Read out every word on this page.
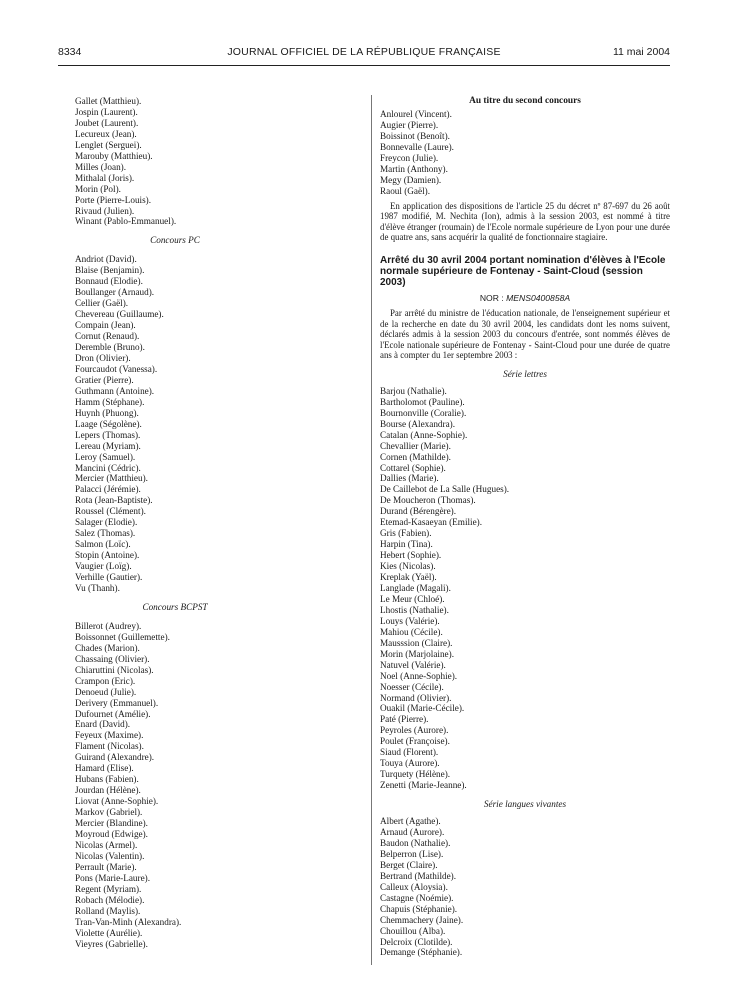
8334	JOURNAL OFFICIEL DE LA RÉPUBLIQUE FRANÇAISE	11 mai 2004
Gallet (Matthieu).
Jospin (Laurent).
Joubet (Laurent).
Lecureux (Jean).
Lenglet (Serguei).
Marouby (Matthieu).
Milles (Joan).
Mithalal (Joris).
Morin (Pol).
Porte (Pierre-Louis).
Rivaud (Julien).
Winant (Pablo-Emmanuel).
Concours PC
Andriot (David).
Blaise (Benjamin).
Bonnaud (Elodie).
Boullanger (Arnaud).
Cellier (Gaël).
Chevereau (Guillaume).
Compain (Jean).
Cornut (Renaud).
Deremble (Bruno).
Dron (Olivier).
Fourcaudot (Vanessa).
Gratier (Pierre).
Guthmann (Antoine).
Hamm (Stéphane).
Huynh (Phuong).
Laage (Ségolène).
Lepers (Thomas).
Lereau (Myriam).
Leroy (Samuel).
Mancini (Cédric).
Mercier (Matthieu).
Palacci (Jérémie).
Rota (Jean-Baptiste).
Roussel (Clément).
Salager (Elodie).
Salez (Thomas).
Salmon (Loïc).
Stopin (Antoine).
Vaugier (Loïg).
Verhille (Gautier).
Vu (Thanh).
Concours BCPST
Billerot (Audrey).
Boissonnet (Guillemette).
Chades (Marion).
Chassaing (Olivier).
Chiaruttini (Nicolas).
Crampon (Eric).
Denoeud (Julie).
Derivery (Emmanuel).
Dufournet (Amélie).
Enard (David).
Feyeux (Maxime).
Flament (Nicolas).
Guirand (Alexandre).
Hamard (Elise).
Hubans (Fabien).
Jourdan (Hélène).
Liovat (Anne-Sophie).
Markov (Gabriel).
Mercier (Blandine).
Moyroud (Edwige).
Nicolas (Armel).
Nicolas (Valentin).
Perrault (Marie).
Pons (Marie-Laure).
Regent (Myriam).
Robach (Mélodie).
Rolland (Maylis).
Tran-Van-Minh (Alexandra).
Violette (Aurélie).
Vieyres (Gabrielle).
Au titre du second concours
Anlourel (Vincent).
Augier (Pierre).
Boissinot (Benoît).
Bonnevalle (Laure).
Freycon (Julie).
Martin (Anthony).
Megy (Damien).
Raoul (Gaël).

En application des dispositions de l'article 25 du décret nº 87-697 du 26 août 1987 modifié, M. Nechita (Ion), admis à la session 2003, est nommé à titre d'élève étranger (roumain) de l'Ecole normale supérieure de Lyon pour une durée de quatre ans, sans acquérir la qualité de fonctionnaire stagiaire.

Arrêté du 30 avril 2004 portant nomination d'élèves à l'Ecole normale supérieure de Fontenay - Saint-Cloud (session 2003)
NOR : MENS0400858A

Par arrêté du ministre de l'éducation nationale, de l'enseignement supérieur et de la recherche en date du 30 avril 2004, les candidats dont les noms suivent, déclarés admis à la session 2003 du concours d'entrée, sont nommés élèves de l'Ecole nationale supérieure de Fontenay - Saint-Cloud pour une durée de quatre ans à compter du 1er septembre 2003 :

Série lettres
Barjou (Nathalie).
Bartholomot (Pauline).
Bournonville (Coralie).
Bourse (Alexandra).
Catalan (Anne-Sophie).
Chevallier (Marie).
Cornen (Mathilde).
Cottarel (Sophie).
Dallies (Marie).
De Caillebot de La Salle (Hugues).
De Moucheron (Thomas).
Durand (Bérengère).
Etemad-Kasaeyan (Emilie).
Gris (Fabien).
Harpin (Tina).
Hebert (Sophie).
Kies (Nicolas).
Kreplak (Yaël).
Langlade (Magali).
Le Meur (Chloé).
Lhostis (Nathalie).
Louys (Valérie).
Mahiou (Cécile).
Mausssion (Claire).
Morin (Marjolaine).
Natuvel (Valérie).
Noel (Anne-Sophie).
Noesser (Cécile).
Normand (Olivier).
Ouakil (Marie-Cécile).
Paté (Pierre).
Peyroles (Aurore).
Poulet (Françoise).
Siaud (Florent).
Touya (Aurore).
Turquety (Hélène).
Zenetti (Marie-Jeanne).
Série langues vivantes
Albert (Agathe).
Arnaud (Aurore).
Baudon (Nathalie).
Belperron (Lise).
Berget (Claire).
Bertrand (Mathilde).
Calleux (Aloysia).
Castagne (Noémie).
Chapuis (Stéphanie).
Chemmachery (Jaine).
Chouillou (Alba).
Delcroix (Clotilde).
Demange (Stéphanie).
